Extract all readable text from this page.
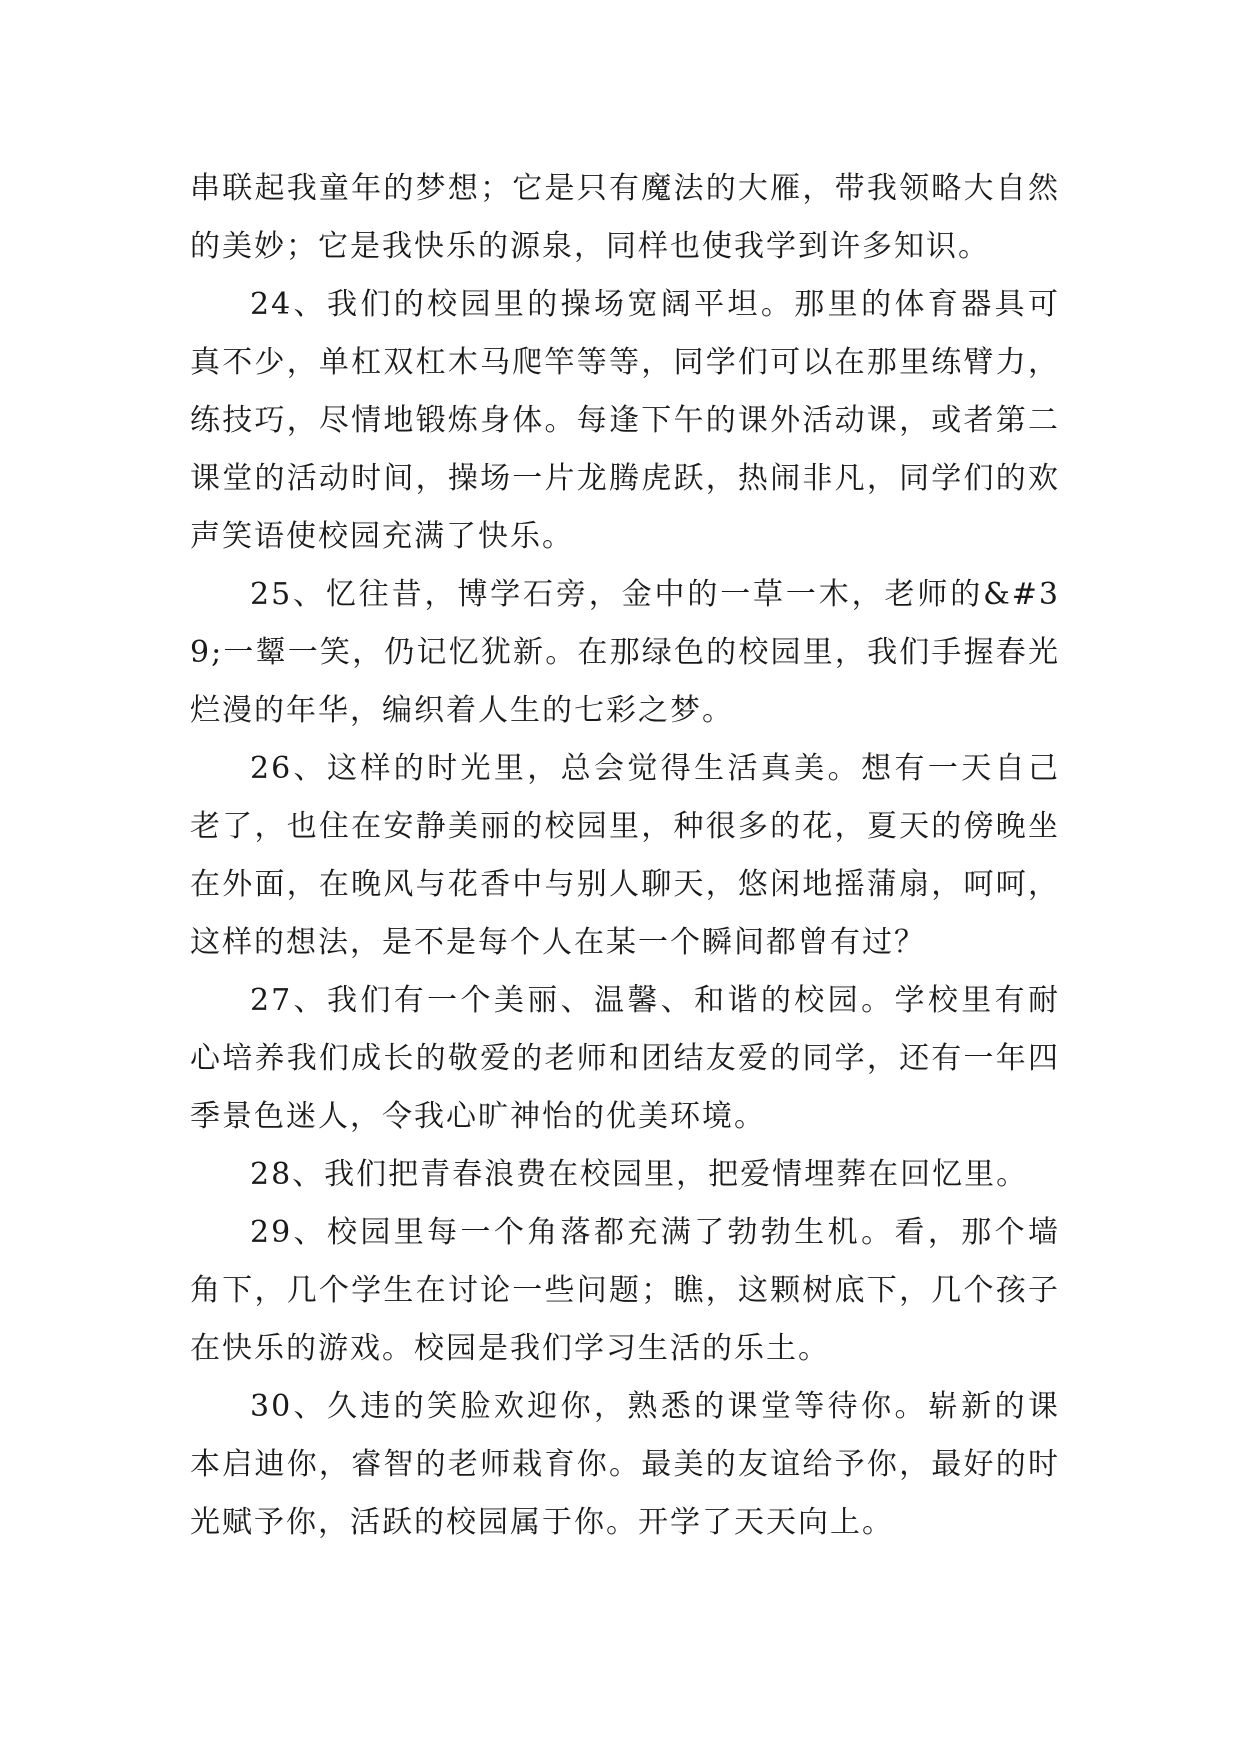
串联起我童年的梦想；它是只有魔法的大雁，带我领略大自然的美妙；它是我快乐的源泉，同样也使我学到许多知识。

24、我们的校园里的操场宽阔平坦。那里的体育器具可真不少，单杠双杠木马爬竿等等，同学们可以在那里练臂力，练技巧，尽情地锻炼身体。每逢下午的课外活动课，或者第二课堂的活动时间，操场一片龙腾虎跃，热闹非凡，同学们的欢声笑语使校园充满了快乐。

25、忆往昔，博学石旁，金中的一草一木，老师的&#39;一颦一笑，仍记忆犹新。在那绿色的校园里，我们手握春光烂漫的年华，编织着人生的七彩之梦。

26、这样的时光里，总会觉得生活真美。想有一天自己老了，也住在安静美丽的校园里，种很多的花，夏天的傍晚坐在外面，在晚风与花香中与别人聊天，悠闲地摇蒲扇，呵呵，这样的想法，是不是每个人在某一个瞬间都曾有过？

27、我们有一个美丽、温馨、和谐的校园。学校里有耐心培养我们成长的敬爱的老师和团结友爱的同学，还有一年四季景色迷人，令我心旷神怡的优美环境。

28、我们把青春浪费在校园里，把爱情埋葬在回忆里。

29、校园里每一个角落都充满了勃勃生机。看，那个墙角下，几个学生在讨论一些问题；瞧，这颗树底下，几个孩子在快乐的游戏。校园是我们学习生活的乐土。

30、久违的笑脸欢迎你，熟悉的课堂等待你。崭新的课本启迪你，睿智的老师栽育你。最美的友谊给予你，最好的时光赋予你，活跃的校园属于你。开学了天天向上。
